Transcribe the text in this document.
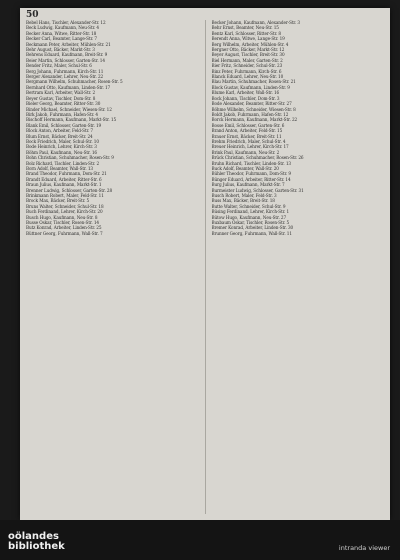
50

Bebel Hans, Tischler, Alexander-Str. 12

Beck Ludwig, Kaufmann, Neu-Str. 4

Becker Anna, Witwe, Ritter-Str. 18

Becker Carl, Beamter, Lange-Str. 7

Beckmann Peter, Arbeiter, Mühlen-Str. 21

Behr August, Bäcker, Markt-Str. 3

Behrens Eduard, Kaufmann, Breit-Str. 9

Beier Martin, Schlosser, Garten-Str. 14

Bender Fritz, Maler, Schul-Str. 6

Berg Johann, Fuhrmann, Kirch-Str. 11

Berger Alexander, Lehrer, Neu-Str. 22

Bergmann Wilhelm, Schuhmacher, Rosen-Str. 5

Bernhard Otto, Kaufmann, Linden-Str. 17

Bertram Karl, Arbeiter, Wall-Str. 2

Beyer Gustav, Tischler, Dom-Str. 8

Bieler Georg, Beamter, Ritter-Str. 30

Binder Michael, Schneider, Wiesen-Str. 12

Birk Jakob, Fuhrmann, Hafen-Str. 4

Bischoff Hermann, Kaufmann, Markt-Str. 15

Blank Emil, Schlosser, Garten-Str. 19

Block Anton, Arbeiter, Feld-Str. 7

Blum Ernst, Bäcker, Breit-Str. 24

Bock Friedrich, Maler, Schul-Str. 10

Bode Heinrich, Lehrer, Kirch-Str. 3

Böhm Paul, Kaufmann, Neu-Str. 16

Bohn Christian, Schuhmacher, Rosen-Str. 9

Bolz Richard, Tischler, Linden-Str. 2

Born Adolf, Beamter, Wall-Str. 13

Brand Theodor, Fuhrmann, Dom-Str. 21

Brandt Eduard, Arbeiter, Ritter-Str. 6

Braun Julius, Kaufmann, Markt-Str. 1

Brenner Ludwig, Schlosser, Garten-Str. 28

Brinkmann Robert, Maler, Feld-Str. 11

Brock Max, Bäcker, Breit-Str. 5

Bruns Walter, Schneider, Schul-Str. 18

Buch Ferdinand, Lehrer, Kirch-Str. 20

Busch Hugo, Kaufmann, Neu-Str. 8

Busse Oskar, Tischler, Rosen-Str. 14

Butz Konrad, Arbeiter, Linden-Str. 25

Büttner Georg, Fuhrmann, Wall-Str. 7

Becker Johann, Kaufmann, Alexander-Str. 3

Behr Ernst, Beamter, Neu-Str. 15

Bentz Karl, Schlosser, Ritter-Str. 8

Berendt Anna, Witwe, Lange-Str. 19

Berg Wilhelm, Arbeiter, Mühlen-Str. 4

Bergner Otto, Bäcker, Markt-Str. 12

Beyer August, Tischler, Breit-Str. 30

Biel Hermann, Maler, Garten-Str. 2

Bier Fritz, Schneider, Schul-Str. 23

Binz Peter, Fuhrmann, Kirch-Str. 6

Blanck Eduard, Lehrer, Neu-Str. 10

Blau Martin, Schuhmacher, Rosen-Str. 21

Block Gustav, Kaufmann, Linden-Str. 9

Blume Karl, Arbeiter, Wall-Str. 16

Bock Johann, Tischler, Dom-Str. 3

Bode Alexander, Beamter, Ritter-Str. 27

Böhme Wilhelm, Schneider, Wiesen-Str. 8

Boldt Jakob, Fuhrmann, Hafen-Str. 12

Borck Hermann, Kaufmann, Markt-Str. 22

Bosse Emil, Schlosser, Garten-Str. 6

Brand Anton, Arbeiter, Feld-Str. 15

Brauer Ernst, Bäcker, Breit-Str. 11

Brehm Friedrich, Maler, Schul-Str. 4

Breuer Heinrich, Lehrer, Kirch-Str. 17

Brink Paul, Kaufmann, Neu-Str. 2

Brück Christian, Schuhmacher, Rosen-Str. 26

Bruhn Richard, Tischler, Linden-Str. 13

Buck Adolf, Beamter, Wall-Str. 20

Bühler Theodor, Fuhrmann, Dom-Str. 9

Bünger Eduard, Arbeiter, Ritter-Str. 14

Burg Julius, Kaufmann, Markt-Str. 7

Burmeister Ludwig, Schlosser, Garten-Str. 31

Busch Robert, Maler, Feld-Str. 3

Buss Max, Bäcker, Breit-Str. 18

Butte Walter, Schneider, Schul-Str. 9

Büsing Ferdinand, Lehrer, Kirch-Str. 1

Bütow Hugo, Kaufmann, Neu-Str. 27

Buxbaum Oskar, Tischler, Rosen-Str. 5

Bremer Konrad, Arbeiter, Linden-Str. 30

Brunner Georg, Fuhrmann, Wall-Str. 11

oölandes
bibliothek	intranda viewer
